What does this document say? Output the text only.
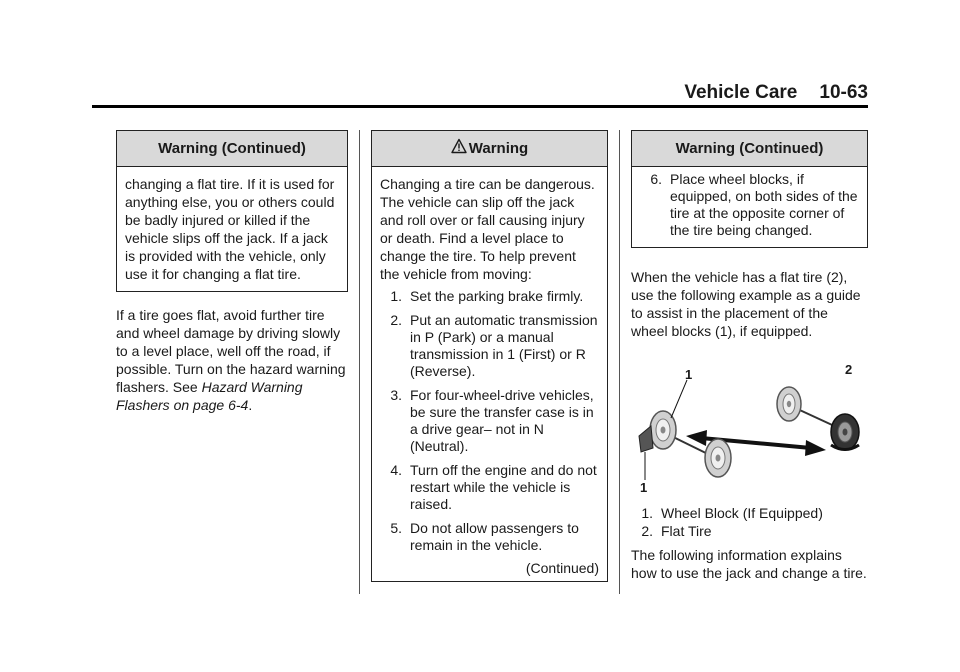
Vehicle Care 10-63
Warning (Continued)
changing a flat tire. If it is used for anything else, you or others could be badly injured or killed if the vehicle slips off the jack. If a jack is provided with the vehicle, only use it for changing a flat tire.

If a tire goes flat, avoid further tire and wheel damage by driving slowly to a level place, well off the road, if possible. Turn on the hazard warning flashers. See Hazard Warning Flashers on page 6-4.

Warning
Changing a tire can be dangerous. The vehicle can slip off the jack and roll over or fall causing injury or death. Find a level place to change the tire. To help prevent the vehicle from moving:
1. Set the parking brake firmly.
2. Put an automatic transmission in P (Park) or a manual transmission in 1 (First) or R (Reverse).
3. For four-wheel-drive vehicles, be sure the transfer case is in a drive gear– not in N (Neutral).
4. Turn off the engine and do not restart while the vehicle is raised.
5. Do not allow passengers to remain in the vehicle.
(Continued)
Warning (Continued)
6. Place wheel blocks, if equipped, on both sides of the tire at the opposite corner of the tire being changed.

When the vehicle has a flat tire (2), use the following example as a guide to assist in the placement of the wheel blocks (1), if equipped.

1
1
2
1. Wheel Block (If Equipped)
2. Flat Tire

The following information explains how to use the jack and change a tire.
